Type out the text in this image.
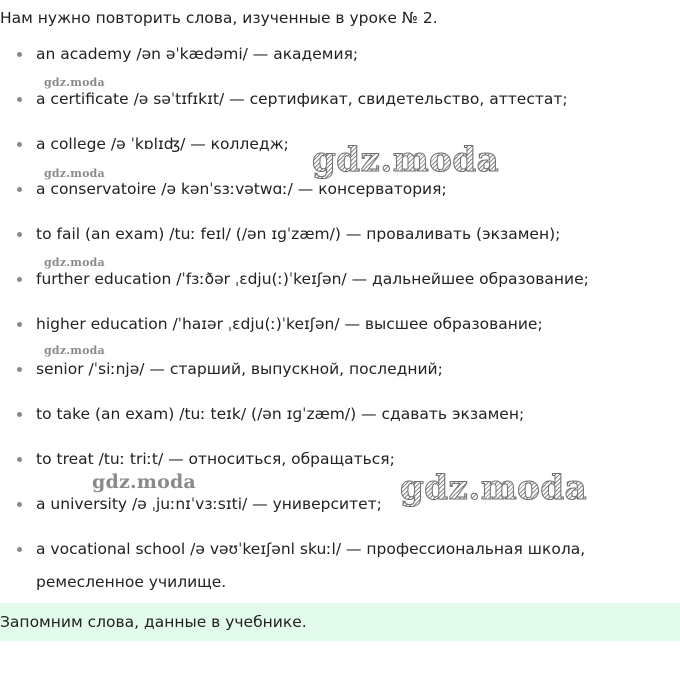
Нам нужно повторить слова, изученные в уроке № 2.
an academy /ən əˈkædəmi/ — академия;
a certificate /ə səˈtɪfɪkɪt/ — сертификат, свидетельство, аттестат;
a college /ə ˈkɒlɪʤ/ — колледж;
a conservatoire /ə kənˈsɜːvətwɑː/ — консерватория;
to fail (an exam) /tuː feɪl/ (/ən ɪɡˈzæm/) — проваливать (экзамен);
further education /ˈfɜːðər ˌɛdju(ː)ˈkeɪʃən/ — дальнейшее образование;
higher education /ˈhaɪər ˌɛdju(ː)ˈkeɪʃən/ — высшее образование;
senior /ˈsiːnjə/ — старший, выпускной, последний;
to take (an exam) /tuː teɪk/ (/ən ɪɡˈzæm/) — сдавать экзамен;
to treat /tuː triːt/ — относиться, обращаться;
a university /ə ˌjuːnɪˈvɜːsɪti/ — университет;
a vocational school /ə vəʊˈkeɪʃənl skuːl/ — профессиональная школа,
ремесленное училище.
Запомним слова, данные в учебнике.
gdz.moda
gdz.moda
gdz.moda
gdz.moda
gdz.moda
gdz.moda
gdz.moda
